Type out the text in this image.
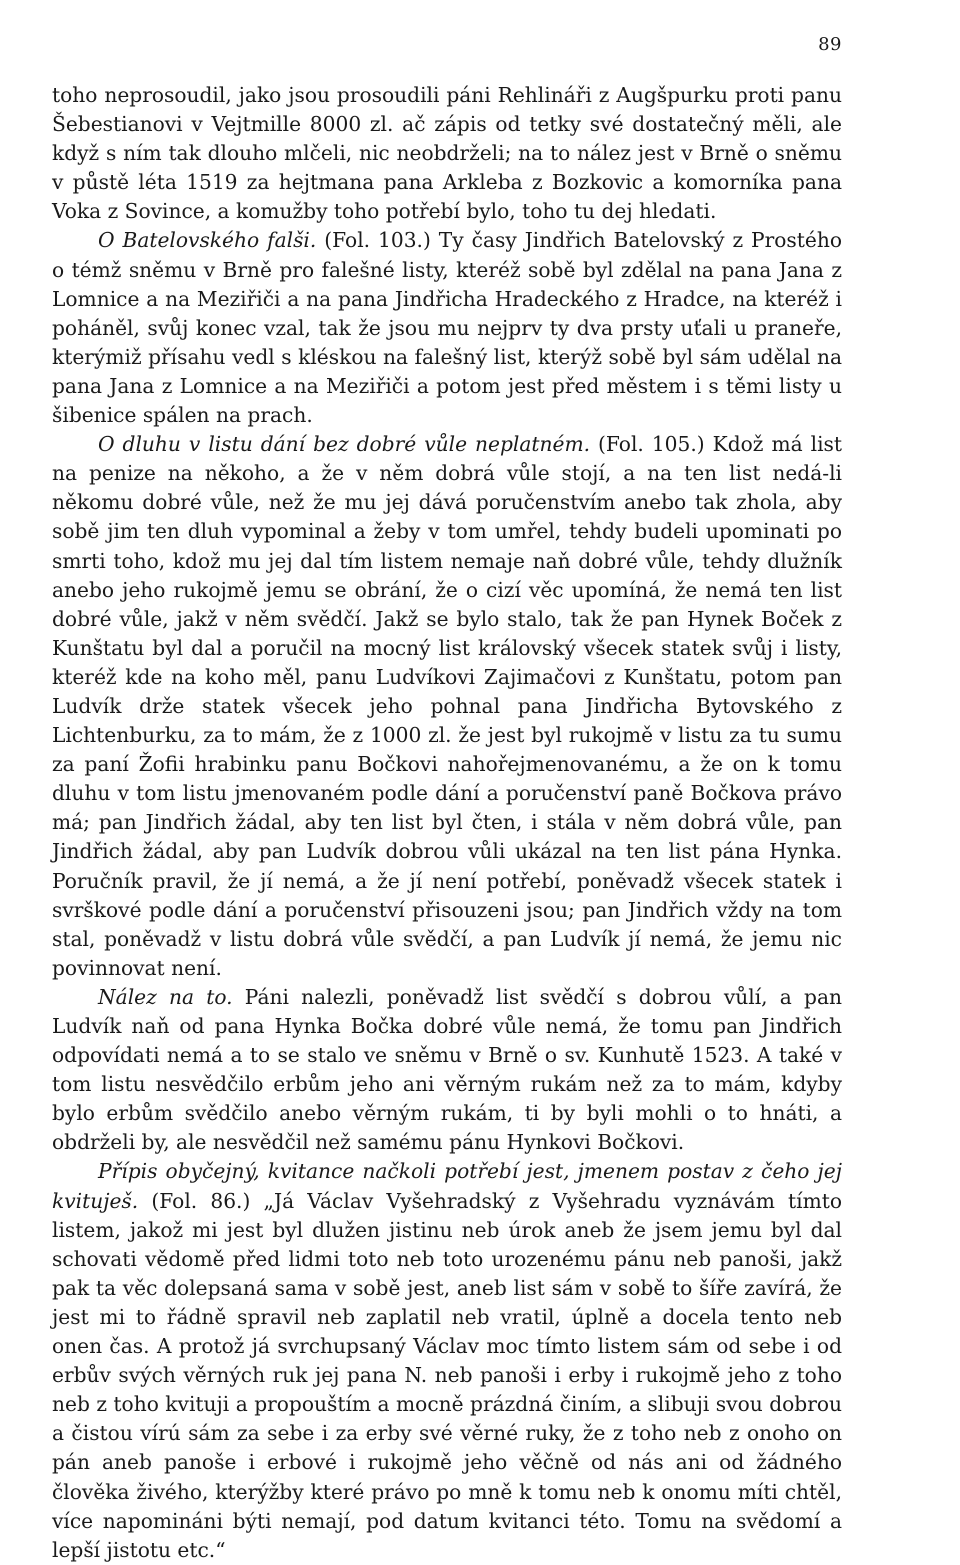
89

toho neprosoudil, jako jsou prosoudili páni Rehlináři z Augšpurku proti panu Šebestianovi v Vejtmille 8000 zl. ač zápis od tetky své dostatečný měli, ale když s ním tak dlouho mlčeli, nic neobdrželi; na to nález jest v Brně o sněmu v půstě léta 1519 za hejtmana pana Arkleba z Bozkovic a komorníka pana Voka z Sovince, a komužby toho potřebí bylo, toho tu dej hledati.

O Batelovského falši. (Fol. 103.) Ty časy Jindřich Batelovský z Prostého o témž sněmu v Brně pro falešné listy, kteréž sobě byl zdělal na pana Jana z Lomnice a na Meziřiči a na pana Jindřicha Hradeckého z Hradce, na kteréž i poháněl, svůj konec vzal, tak že jsou mu nejprv ty dva prsty uťali u praneře, kterýmiž přísahu vedl s kléskou na falešný list, kterýž sobě byl sám udělal na pana Jana z Lomnice a na Meziřiči a potom jest před městem i s těmi listy u šibenice spálen na prach.

O dluhu v listu dání bez dobré vůle neplatném. (Fol. 105.) Kdož má list na penize na někoho, a že v něm dobrá vůle stojí, a na ten list nedá-li někomu dobré vůle, než že mu jej dává poručenstvím anebo tak zhola, aby sobě jim ten dluh vypominal a žeby v tom umřel, tehdy budeli upominati po smrti toho, kdož mu jej dal tím listem nemaje naň dobré vůle, tehdy dlužník anebo jeho rukojmě jemu se obrání, že o cizí věc upomíná, že nemá ten list dobré vůle, jakž v něm svědčí. Jakž se bylo stalo, tak že pan Hynek Boček z Kunštatu byl dal a poručil na mocný list královský všecek statek svůj i listy, kteréž kde na koho měl, panu Ludvíkovi Zajimačovi z Kunštatu, potom pan Ludvík drže statek všecek jeho pohnal pana Jindřicha Bytovského z Lichtenburku, za to mám, že z 1000 zl. že jest byl rukojmě v listu za tu sumu za paní Žofii hrabinku panu Bočkovi nahořejmenovanému, a že on k tomu dluhu v tom listu jmenovaném podle dání a poručenství paně Bočkova právo má; pan Jindřich žádal, aby ten list byl čten, i stála v něm dobrá vůle, pan Jindřich žádal, aby pan Ludvík dobrou vůli ukázal na ten list pána Hynka. Poručník pravil, že jí nemá, a že jí není potřebí, poněvadž všecek statek i svrškové podle dání a poručenství přisouzeni jsou; pan Jindřich vždy na tom stal, poněvadž v listu dobrá vůle svědčí, a pan Ludvík jí nemá, že jemu nic povinnovat není.

Nález na to. Páni nalezli, poněvadž list svědčí s dobrou vůlí, a pan Ludvík naň od pana Hynka Bočka dobré vůle nemá, že tomu pan Jindřich odpovídati nemá a to se stalo ve sněmu v Brně o sv. Kunhutě 1523. A také v tom listu nesvědčilo erbům jeho ani věrným rukám než za to mám, kdyby bylo erbům svědčilo anebo věrným rukám, ti by byli mohli o to hnáti, a obdrželi by, ale nesvědčil než samému pánu Hynkovi Bočkovi.

Přípis obyčejný, kvitance načkoli potřebí jest, jmenem postav z čeho jej kvituješ. (Fol. 86.) „Já Václav Vyšehradský z Vyšehradu vyznávám tímto listem, jakož mi jest byl dlužen jistinu neb úrok aneb že jsem jemu byl dal schovati vědomě před lidmi toto neb toto urozenému pánu neb panoši, jakž pak ta věc dolepsaná sama v sobě jest, aneb list sám v sobě to šíře zavírá, že jest mi to řádně spravil neb zaplatil neb vratil, úplně a docela tento neb onen čas. A protož já svrchupsaný Václav moc tímto listem sám od sebe i od erbův svých věrných ruk jej pana N. neb panoši i erby i rukojmě jeho z toho neb z toho kvituji a propouštím a mocně prázdná činím, a slibuji svou dobrou a čistou vírú sám za sebe i za erby své věrné ruky, že z toho neb z onoho on pán aneb panoše i erbové i rukojmě jeho věčně od nás ani od žádného člověka živého, kterýžby které právo po mně k tomu neb k onomu míti chtěl, více napomináni býti nemají, pod datum kvitanci této. Tomu na svědomí a lepší jistotu etc.“
